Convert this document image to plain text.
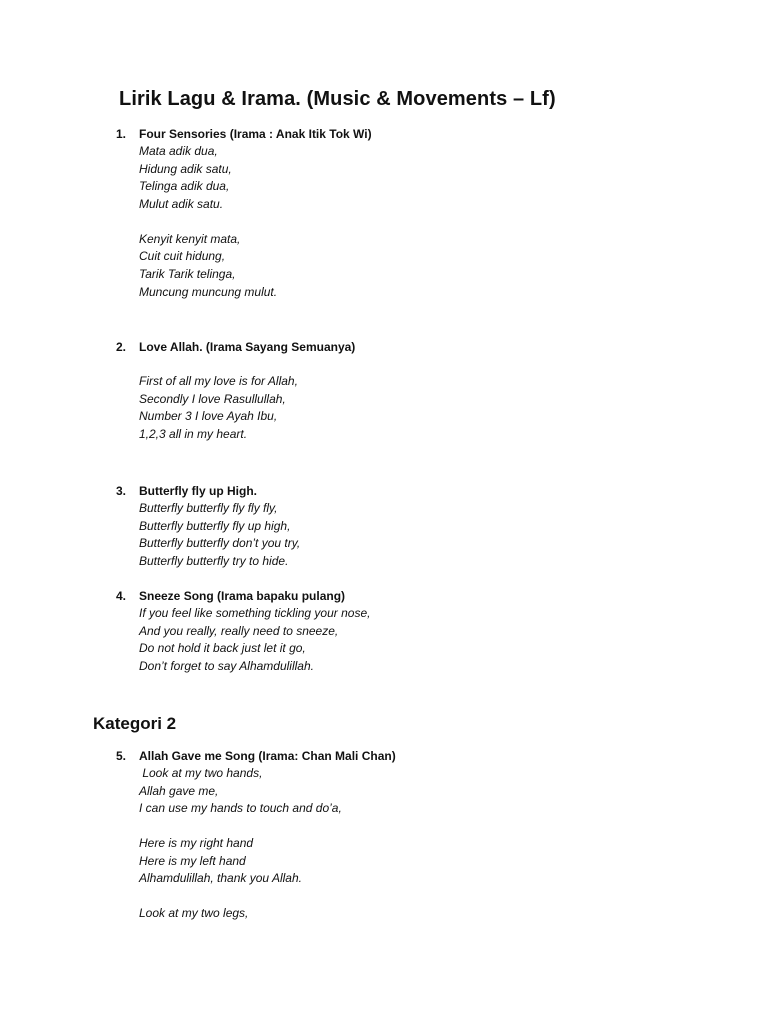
Lirik Lagu & Irama. (Music & Movements – Lf)
1. Four Sensories (Irama : Anak Itik Tok Wi)
Mata adik dua,
Hidung adik satu,
Telinga adik dua,
Mulut adik satu.
Kenyit kenyit mata,
Cuit cuit hidung,
Tarik Tarik telinga,
Muncung muncung mulut.
2. Love Allah. (Irama Sayang Semuanya)
First of all my love is for Allah,
Secondly I love Rasullullah,
Number 3 I love Ayah Ibu,
1,2,3 all in my heart.
3. Butterfly fly up High.
Butterfly butterfly fly fly fly,
Butterfly butterfly fly up high,
Butterfly butterfly don’t you try,
Butterfly butterfly try to hide.
4. Sneeze Song (Irama bapaku pulang)
If you feel like something tickling your nose,
And you really, really need to sneeze,
Do not hold it back just let it go,
Don’t forget to say Alhamdulillah.
Kategori 2
5. Allah Gave me Song (Irama: Chan Mali Chan)
Look at my two hands,
Allah gave me,
I can use my hands to touch and do’a,
Here is my right hand
Here is my left hand
Alhamdulillah, thank you Allah.
Look at my two legs,
